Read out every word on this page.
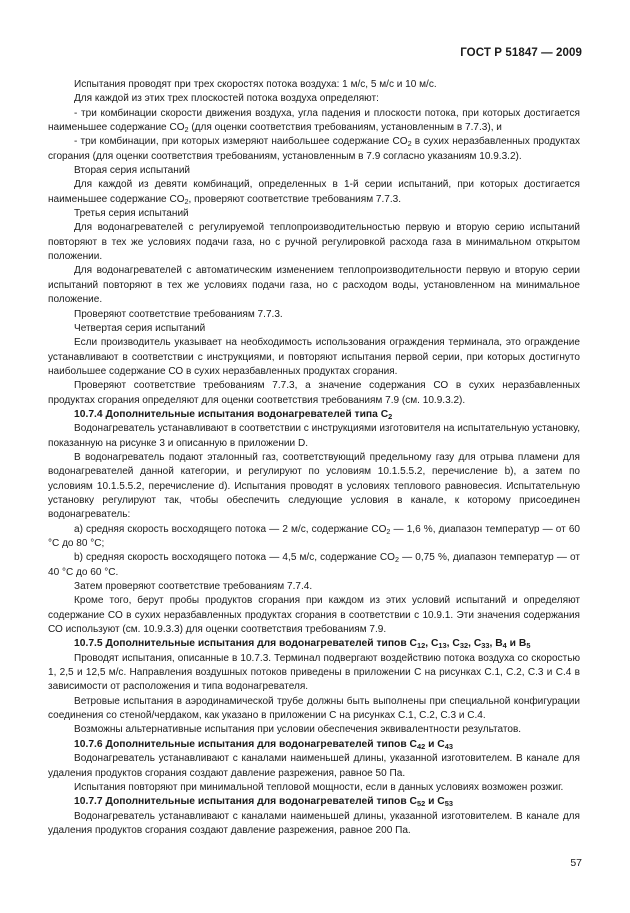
ГОСТ Р 51847 — 2009

Испытания проводят при трех скоростях потока воздуха: 1 м/с, 5 м/с и 10 м/с.

Для каждой из этих трех плоскостей потока воздуха определяют:

- три комбинации скорости движения воздуха, угла падения и плоскости потока, при которых достигается наименьшее содержание $CO_2$ (для оценки соответствия требованиям, установленным в 7.7.3), и

- три комбинации, при которых измеряют наибольшее содержание $CO_2$ в сухих неразбавленных продуктах сгорания (для оценки соответствия требованиям, установленным в 7.9 согласно указаниям 10.9.3.2).

Вторая серия испытаний

Для каждой из девяти комбинаций, определенных в 1-й серии испытаний, при которых достигается наименьшее содержание $CO_2$, проверяют соответствие требованиям 7.7.3.

Третья серия испытаний

Для водонагревателей с регулируемой теплопроизводительностью первую и вторую серию испытаний повторяют в тех же условиях подачи газа, но с ручной регулировкой расхода газа в минимальном открытом положении.

Для водонагревателей с автоматическим изменением теплопроизводительности первую и вторую серии испытаний повторяют в тех же условиях подачи газа, но с расходом воды, установленном на минимальное положение.

Проверяют соответствие требованиям 7.7.3.

Четвертая серия испытаний

Если производитель указывает на необходимость использования ограждения терминала, это ограждение устанавливают в соответствии с инструкциями, и повторяют испытания первой серии, при которых достигнуто наибольшее содержание СО в сухих неразбавленных продуктах сгорания.

Проверяют соответствие требованиям 7.7.3, а значение содержания СО в сухих неразбавленных продуктах сгорания определяют для оценки соответствия требованиям 7.9 (см. 10.9.3.2).

10.7.4 Дополнительные испытания водонагревателей типа $C_2$

Водонагреватель устанавливают в соответствии с инструкциями изготовителя на испытательную установку, показанную на рисунке 3 и описанную в приложении D.

В водонагреватель подают эталонный газ, соответствующий предельному газу для отрыва пламени для водонагревателей данной категории, и регулируют по условиям 10.1.5.5.2, перечисление b), а затем по условиям 10.1.5.5.2, перечисление d). Испытания проводят в условиях теплового равновесия. Испытательную установку регулируют так, чтобы обеспечить следующие условия в канале, к которому присоединен водонагреватель:

a) средняя скорость восходящего потока — 2 м/с, содержание $CO_2$ — 1,6 %, диапазон температур — от 60 °C до 80 °C;

b) средняя скорость восходящего потока — 4,5 м/с, содержание $CO_2$ — 0,75 %, диапазон температур — от 40 °C до 60 °C.

Затем проверяют соответствие требованиям 7.7.4.

Кроме того, берут пробы продуктов сгорания при каждом из этих условий испытаний и определяют содержание СО в сухих неразбавленных продуктах сгорания в соответствии с 10.9.1. Эти значения содержания СО используют (см. 10.9.3.3) для оценки соответствия требованиям 7.9.

10.7.5 Дополнительные испытания для водонагревателей типов $C_{12}$, $C_{13}$, $C_{32}$, $C_{33}$, $B_4$ и $B_5$

Проводят испытания, описанные в 10.7.3. Терминал подвергают воздействию потока воздуха со скоростью 1, 2,5 и 12,5 м/с. Направления воздушных потоков приведены в приложении С на рисунках С.1, С.2, С.3 и С.4 в зависимости от расположения и типа водонагревателя.

Ветровые испытания в аэродинамической трубе должны быть выполнены при специальной конфигурации соединения со стеной/чердаком, как указано в приложении С на рисунках С.1, С.2, С.3 и С.4.

Возможны альтернативные испытания при условии обеспечения эквивалентности результатов.

10.7.6 Дополнительные испытания для водонагревателей типов $C_{42}$ и $C_{43}$

Водонагреватель устанавливают с каналами наименьшей длины, указанной изготовителем. В канале для удаления продуктов сгорания создают давление разрежения, равное 50 Па.

Испытания повторяют при минимальной тепловой мощности, если в данных условиях возможен розжиг.

10.7.7 Дополнительные испытания для водонагревателей типов $C_{52}$ и $C_{53}$

Водонагреватель устанавливают с каналами наименьшей длины, указанной изготовителем. В канале для удаления продуктов сгорания создают давление разрежения, равное 200 Па.

57
